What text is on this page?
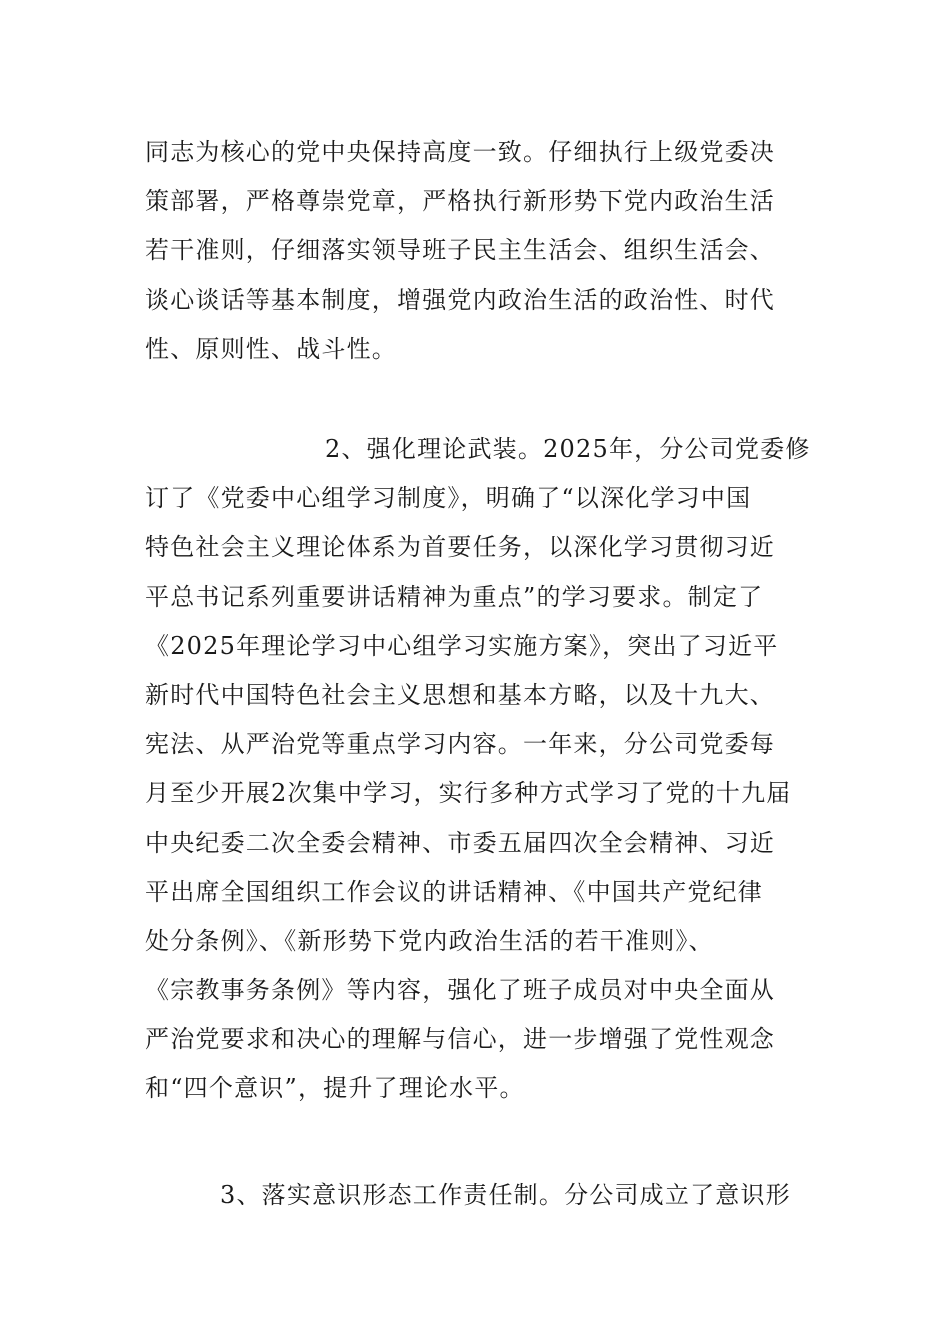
同志为核心的党中央保持高度一致。仔细执行上级党委决
策部署，严格尊崇党章，严格执行新形势下党内政治生活
若干准则，仔细落实领导班子民主生活会、组织生活会、
谈心谈话等基本制度，增强党内政治生活的政治性、时代
性、原则性、战斗性。
2、强化理论武装。2025年，分公司党委修
订了《党委中心组学习制度》，明确了“以深化学习中国
特色社会主义理论体系为首要任务，以深化学习贯彻习近
平总书记系列重要讲话精神为重点”的学习要求。制定了
《2025年理论学习中心组学习实施方案》，突出了习近平
新时代中国特色社会主义思想和基本方略，以及十九大、
宪法、从严治党等重点学习内容。一年来，分公司党委每
月至少开展2次集中学习，实行多种方式学习了党的十九届
中央纪委二次全委会精神、市委五届四次全会精神、习近
平出席全国组织工作会议的讲话精神、《中国共产党纪律
处分条例》、《新形势下党内政治生活的若干准则》、
《宗教事务条例》等内容，强化了班子成员对中央全面从
严治党要求和决心的理解与信心，进一步增强了党性观念
和“四个意识”，提升了理论水平。
3、落实意识形态工作责任制。分公司成立了意识形
